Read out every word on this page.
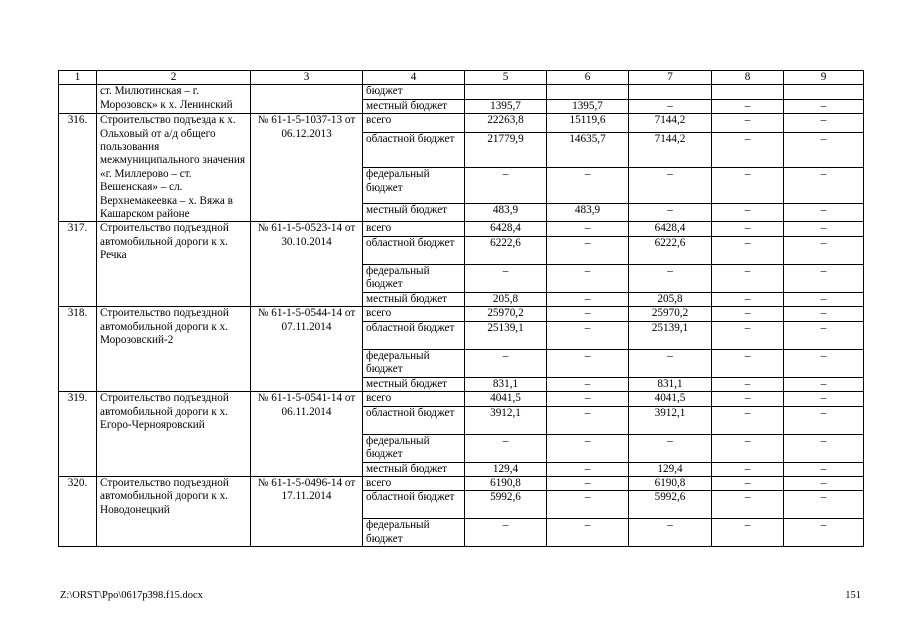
1	2	3	4	5	6	7	8	9
	ст. Милютинская – г. Морозовск» к х. Ленинский		бюджет					
			местный бюджет	1395,7	1395,7	–	–	–
316.	Строительство подъезда к х. Ольховый от а/д общего пользования межмуниципального значения «г. Миллерово – ст. Вешенская» – сл. Верхнемакеевка – х. Вяжа в Кашарском районе	№ 61-1-5-1037-13 от 06.12.2013	всего	22263,8	15119,6	7144,2	–	–
			областной бюджет	21779,9	14635,7	7144,2	–	–
			федеральный бюджет	–	–	–	–	–
			местный бюджет	483,9	483,9	–	–	–
317.	Строительство подъездной автомобильной дороги к х. Речка	№ 61-1-5-0523-14 от 30.10.2014	всего	6428,4	–	6428,4	–	–
			областной бюджет	6222,6	–	6222,6	–	–
			федеральный бюджет	–	–	–	–	–
			местный бюджет	205,8	–	205,8	–	–
318.	Строительство подъездной автомобильной дороги к х. Морозовский-2	№ 61-1-5-0544-14 от 07.11.2014	всего	25970,2	–	25970,2	–	–
			областной бюджет	25139,1	–	25139,1	–	–
			федеральный бюджет	–	–	–	–	–
			местный бюджет	831,1	–	831,1	–	–
319.	Строительство подъездной автомобильной дороги к х. Егоро-Чернояровский	№ 61-1-5-0541-14 от 06.11.2014	всего	4041,5	–	4041,5	–	–
			областной бюджет	3912,1	–	3912,1	–	–
			федеральный бюджет	–	–	–	–	–
			местный бюджет	129,4	–	129,4	–	–
320.	Строительство подъездной автомобильной дороги к х. Новодонецкий	№ 61-1-5-0496-14 от 17.11.2014	всего	6190,8	–	6190,8	–	–
			областной бюджет	5992,6	–	5992,6	–	–
			федеральный бюджет	–	–	–	–	–
Z:\ORST\Ppo\0617p398.f15.docx	151
